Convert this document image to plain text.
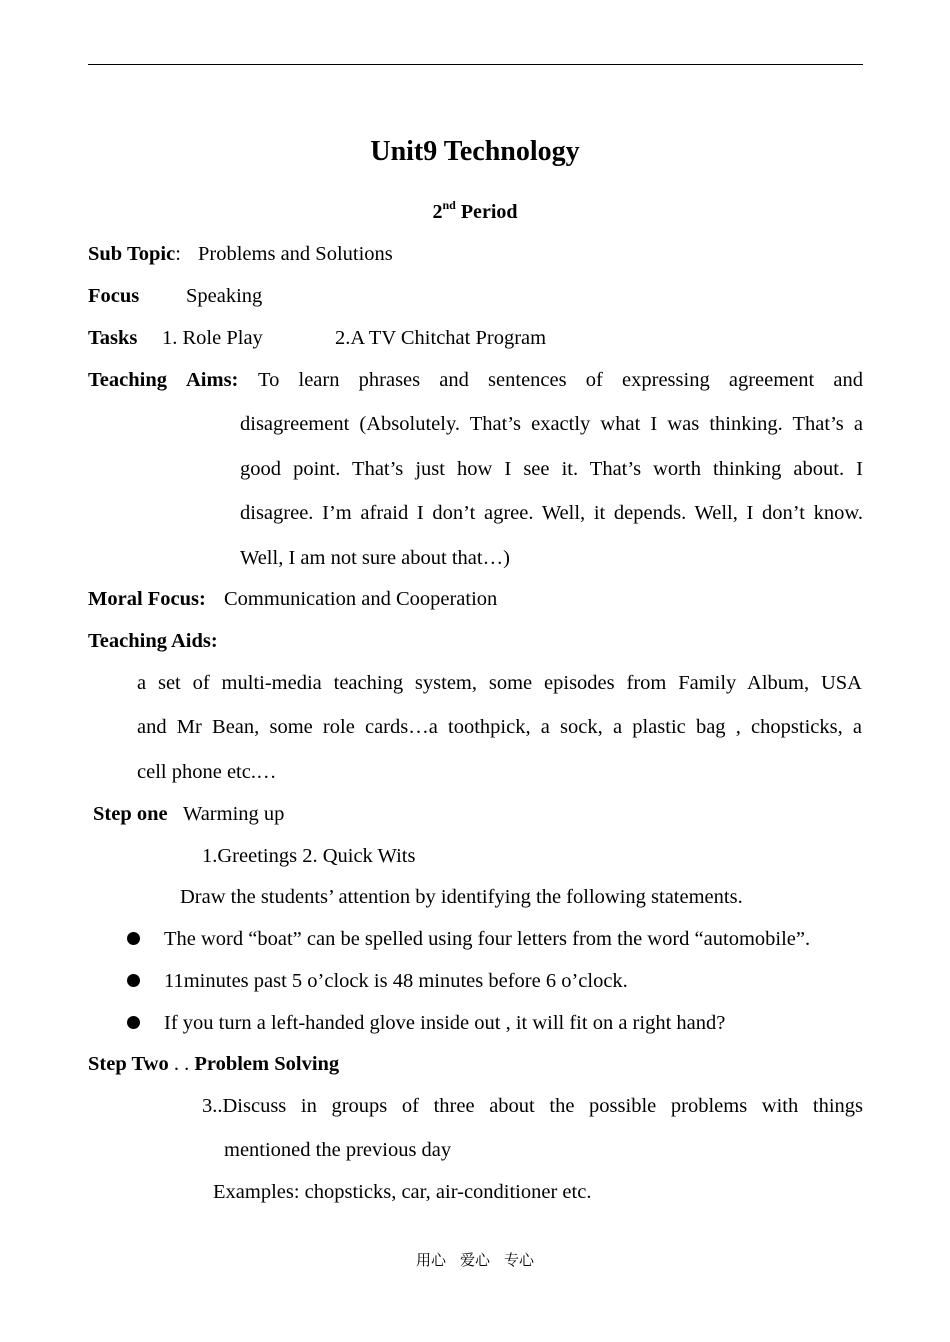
Unit9 Technology
2nd Period
Sub Topic: Problems and Solutions
Focus Speaking
Tasks 1. Role Play	2.A TV Chitchat Program
Teaching Aims: To learn phrases and sentences of expressing agreement and
disagreement (Absolutely. That’s exactly what I was thinking. That’s a
good point. That’s just how I see it. That’s worth thinking about. I
disagree. I’m afraid I don’t agree. Well, it depends. Well, I don’t know.
Well, I am not sure about that…)
Moral Focus: Communication and Cooperation
Teaching Aids:
a set of multi-media teaching system, some episodes from Family Album, USA
and Mr Bean, some role cards…a toothpick, a sock, a plastic bag , chopsticks, a
cell phone etc.…
Step one Warming up
1.Greetings 2. Quick Wits
Draw the students’ attention by identifying the following statements.
The word “boat” can be spelled using four letters from the word “automobile”.
11minutes past 5 o’clock is 48 minutes before 6 o’clock.
If you turn a left-handed glove inside out , it will fit on a right hand?
Step Two . . Problem Solving
3..Discuss in groups of three about the possible problems with things
mentioned the previous day
Examples: chopsticks, car, air-conditioner etc.
用心 爱心 专心
